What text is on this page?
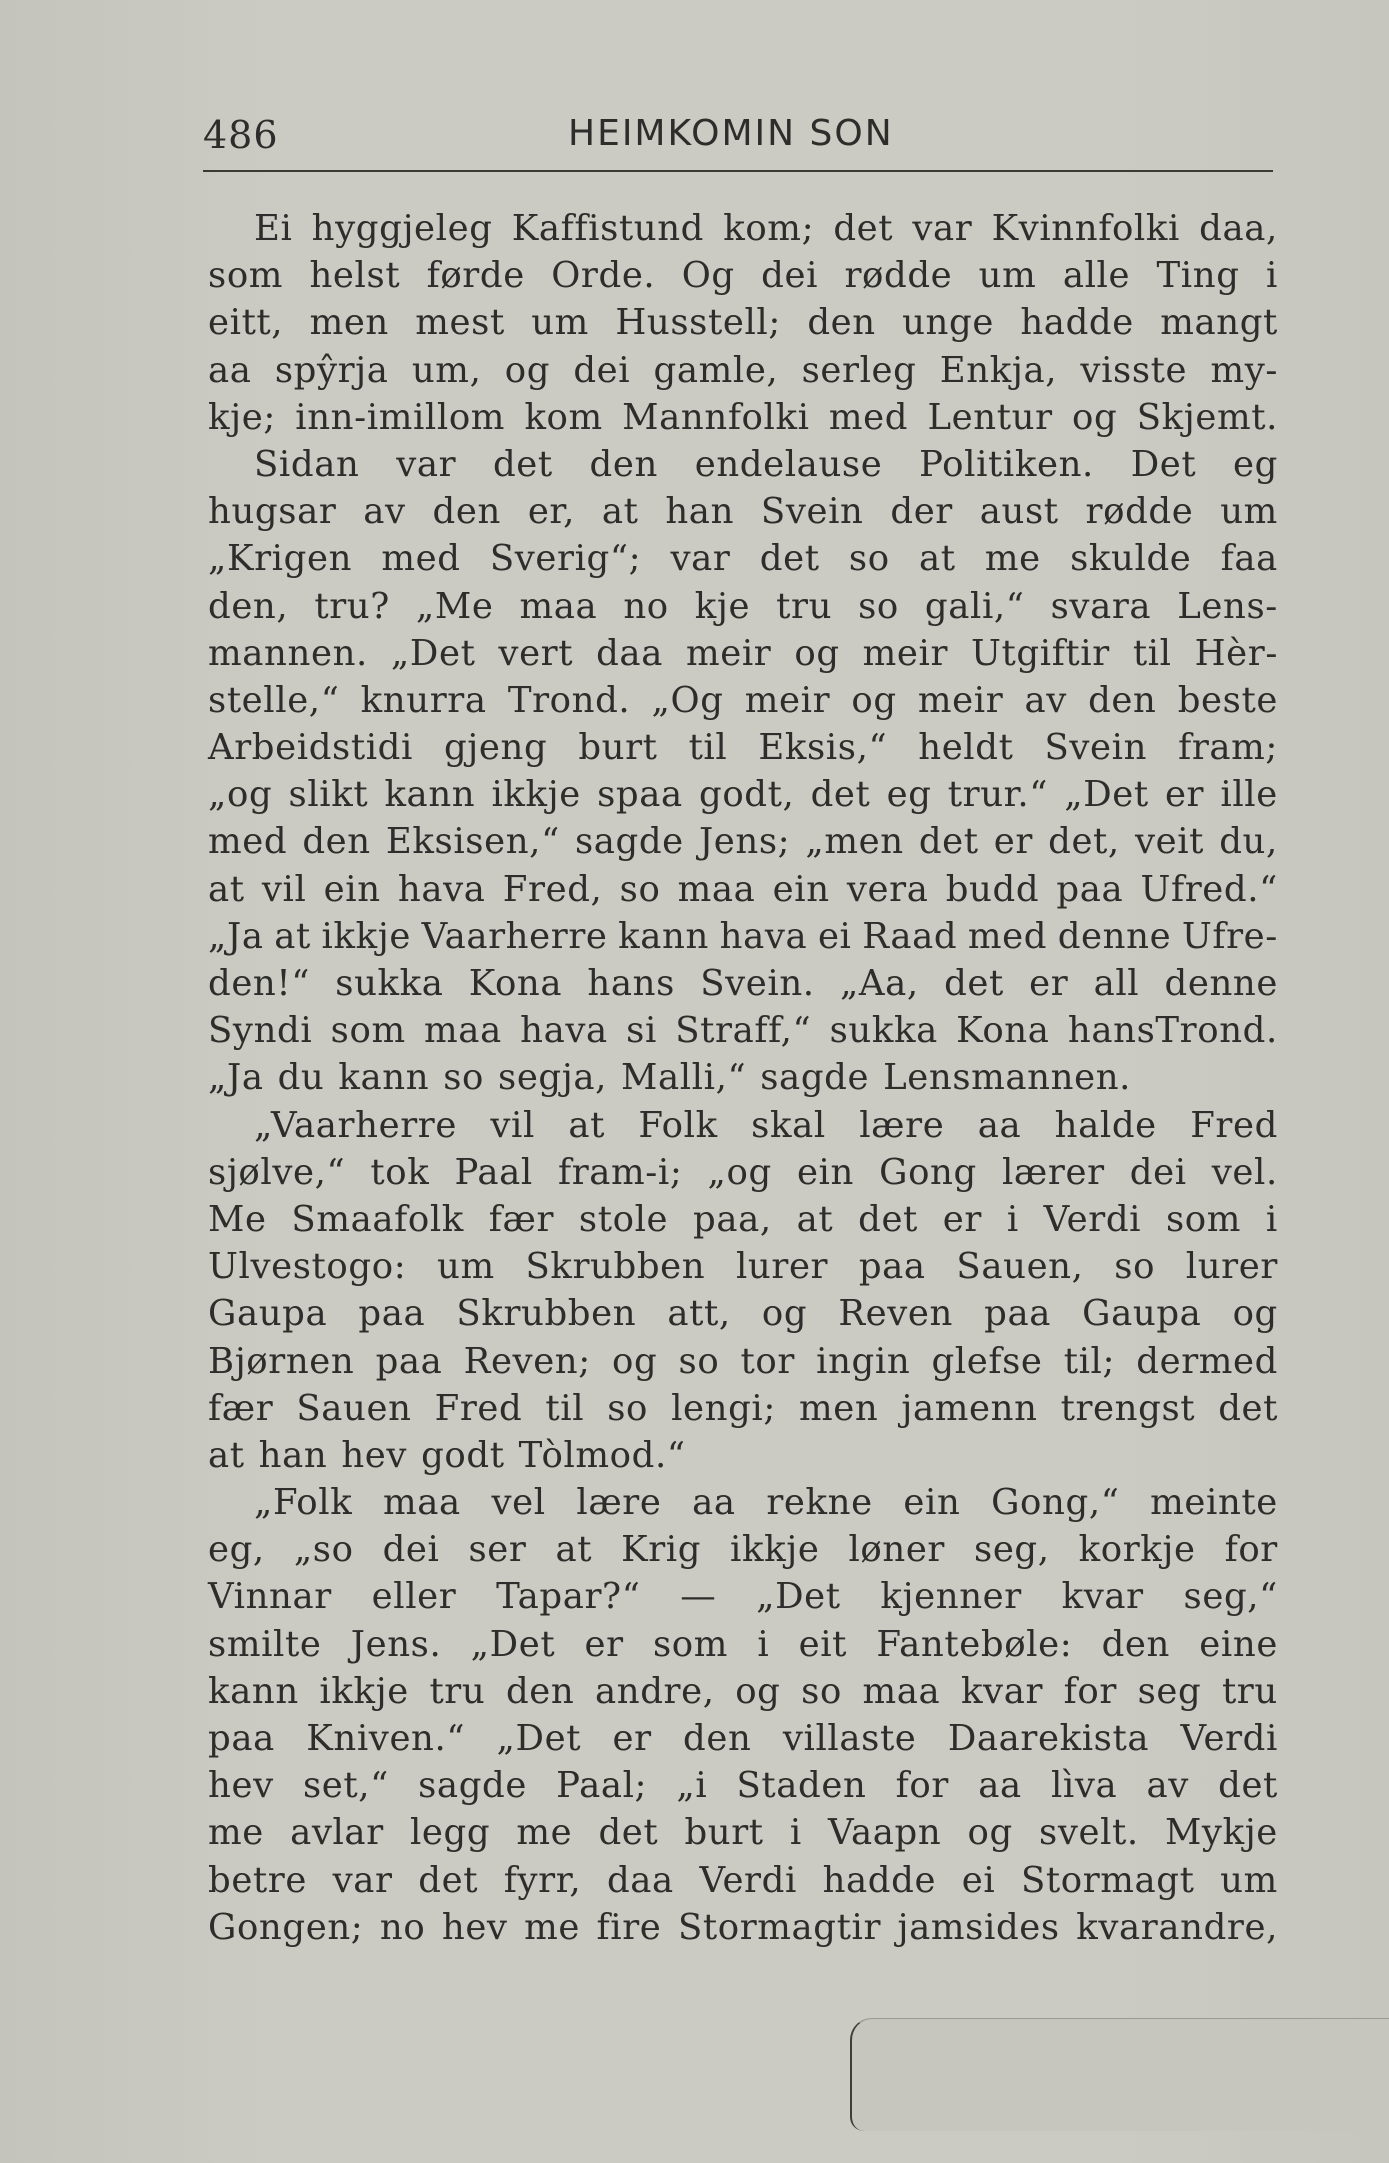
486	HEIMKOMIN SON
Ei hyggjeleg Kaffistund kom; det var Kvinnfolki daa,
som helst førde Orde. Og dei rødde um alle Ting i
eitt, men mest um Husstell; den unge hadde mangt
aa spŷrja um, og dei gamle, serleg Enkja, visste my-
kje; inn-imillom kom Mannfolki med Lentur og Skjemt.
Sidan var det den endelause Politiken. Det eg
hugsar av den er, at han Svein der aust rødde um
„Krigen med Sverig“; var det so at me skulde faa
den, tru? „Me maa no kje tru so gali,“ svara Lens-
mannen. „Det vert daa meir og meir Utgiftir til Hèr-
stelle,“ knurra Trond. „Og meir og meir av den beste
Arbeidstidi gjeng burt til Eksis,“ heldt Svein fram;
„og slikt kann ikkje spaa godt, det eg trur.“ „Det er ille
med den Eksisen,“ sagde Jens; „men det er det, veit du,
at vil ein hava Fred, so maa ein vera budd paa Ufred.“
„Ja at ikkje Vaarherre kann hava ei Raad med denne Ufre-
den!“ sukka Kona hans Svein. „Aa, det er all denne
Syndi som maa hava si Straff,“ sukka Kona hansTrond.
„Ja du kann so segja, Malli,“ sagde Lensmannen.
„Vaarherre vil at Folk skal lære aa halde Fred
sjølve,“ tok Paal fram-i; „og ein Gong lærer dei vel.
Me Smaafolk fær stole paa, at det er i Verdi som i
Ulvestogo: um Skrubben lurer paa Sauen, so lurer
Gaupa paa Skrubben att, og Reven paa Gaupa og
Bjørnen paa Reven; og so tor ingin glefse til; dermed
fær Sauen Fred til so lengi; men jamenn trengst det
at han hev godt Tòlmod.“
„Folk maa vel lære aa rekne ein Gong,“ meinte
eg, „so dei ser at Krig ikkje løner seg, korkje for
Vinnar eller Tapar?“ — „Det kjenner kvar seg,“
smilte Jens. „Det er som i eit Fantebøle: den eine
kann ikkje tru den andre, og so maa kvar for seg tru
paa Kniven.“ „Det er den villaste Daarekista Verdi
hev set,“ sagde Paal; „i Staden for aa lìva av det
me avlar legg me det burt i Vaapn og svelt. Mykje
betre var det fyrr, daa Verdi hadde ei Stormagt um
Gongen; no hev me fire Stormagtir jamsides kvarandre,
